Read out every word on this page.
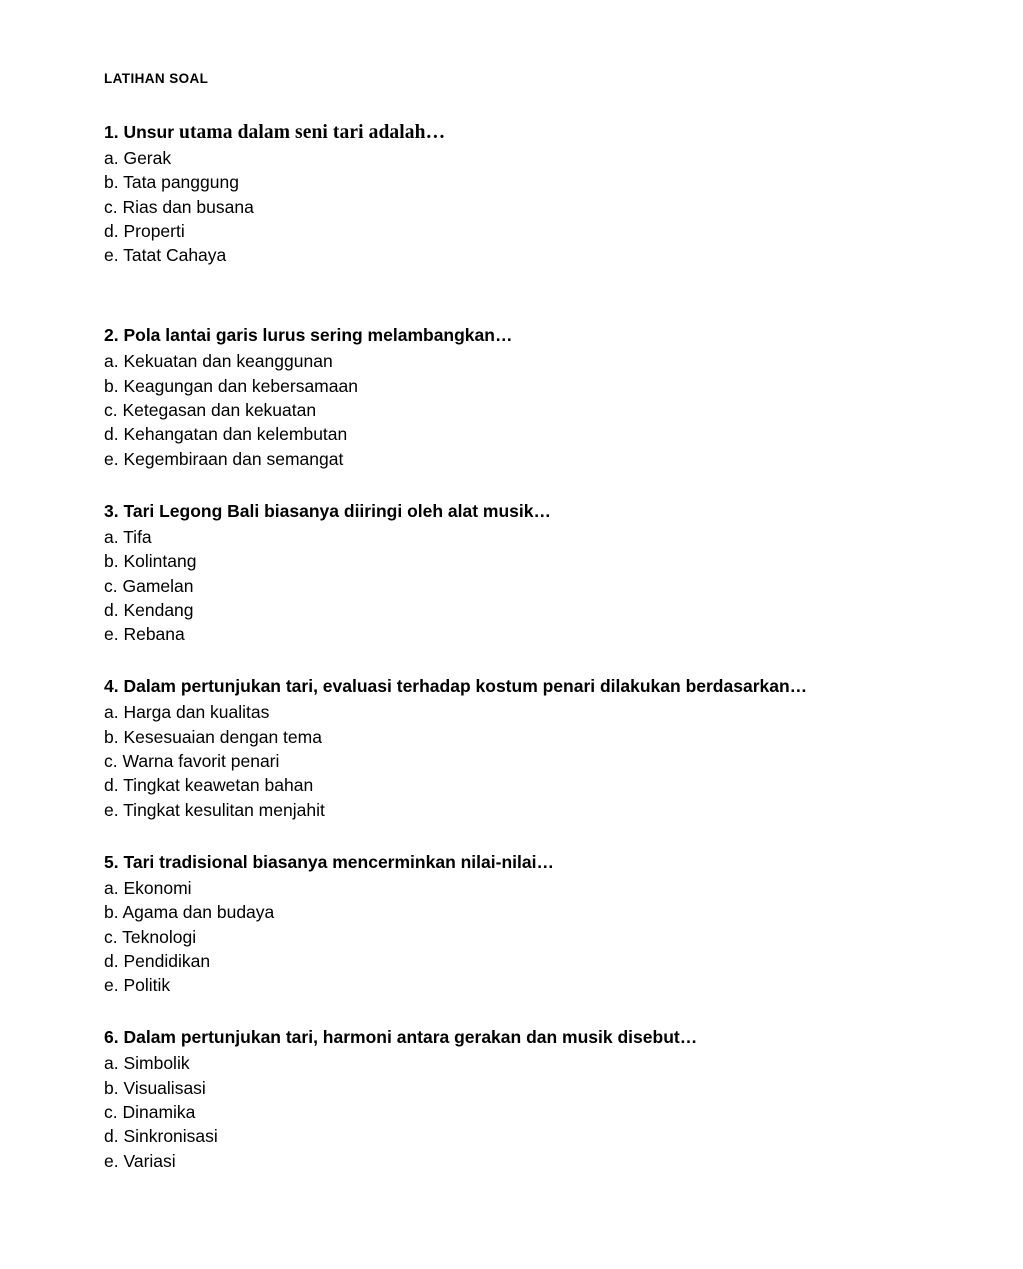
LATIHAN SOAL
1. Unsur utama dalam seni tari adalah…
a. Gerak
b. Tata panggung
c. Rias dan busana
d. Properti
e. Tatat Cahaya
2. Pola lantai garis lurus sering melambangkan…
a. Kekuatan dan keanggunan
b. Keagungan dan kebersamaan
c. Ketegasan dan kekuatan
d. Kehangatan dan kelembutan
e. Kegembiraan dan semangat
3. Tari Legong Bali biasanya diiringi oleh alat musik…
a. Tifa
b. Kolintang
c. Gamelan
d. Kendang
e. Rebana
4. Dalam pertunjukan tari, evaluasi terhadap kostum penari dilakukan berdasarkan…
a. Harga dan kualitas
b. Kesesuaian dengan tema
c. Warna favorit penari
d. Tingkat keawetan bahan
e. Tingkat kesulitan menjahit
5. Tari tradisional biasanya mencerminkan nilai-nilai…
a. Ekonomi
b. Agama dan budaya
c. Teknologi
d. Pendidikan
e. Politik
6. Dalam pertunjukan tari, harmoni antara gerakan dan musik disebut…
a. Simbolik
b. Visualisasi
c. Dinamika
d. Sinkronisasi
e. Variasi
